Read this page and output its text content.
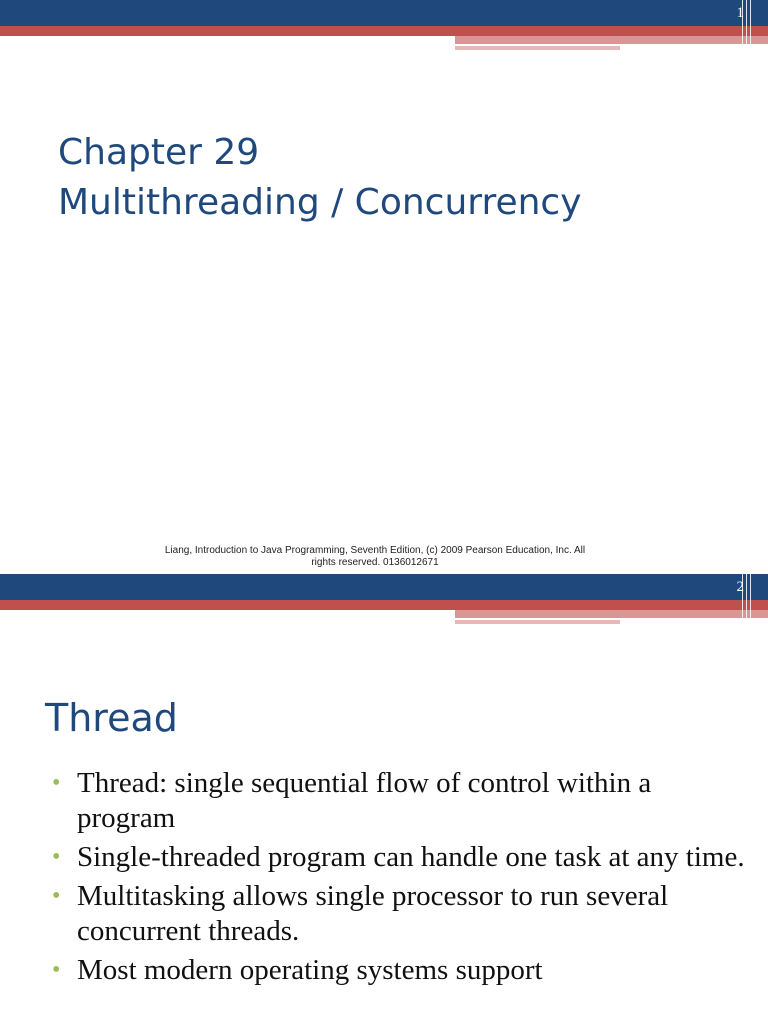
1
Chapter 29
Multithreading / Concurrency
Liang, Introduction to Java Programming, Seventh Edition, (c) 2009 Pearson Education, Inc. All
rights reserved. 0136012671
2
Thread
• Thread: single sequential flow of control within a program
• Single-threaded program can handle one task at any time.
• Multitasking allows single processor to run several concurrent threads.
• Most modern operating systems support
